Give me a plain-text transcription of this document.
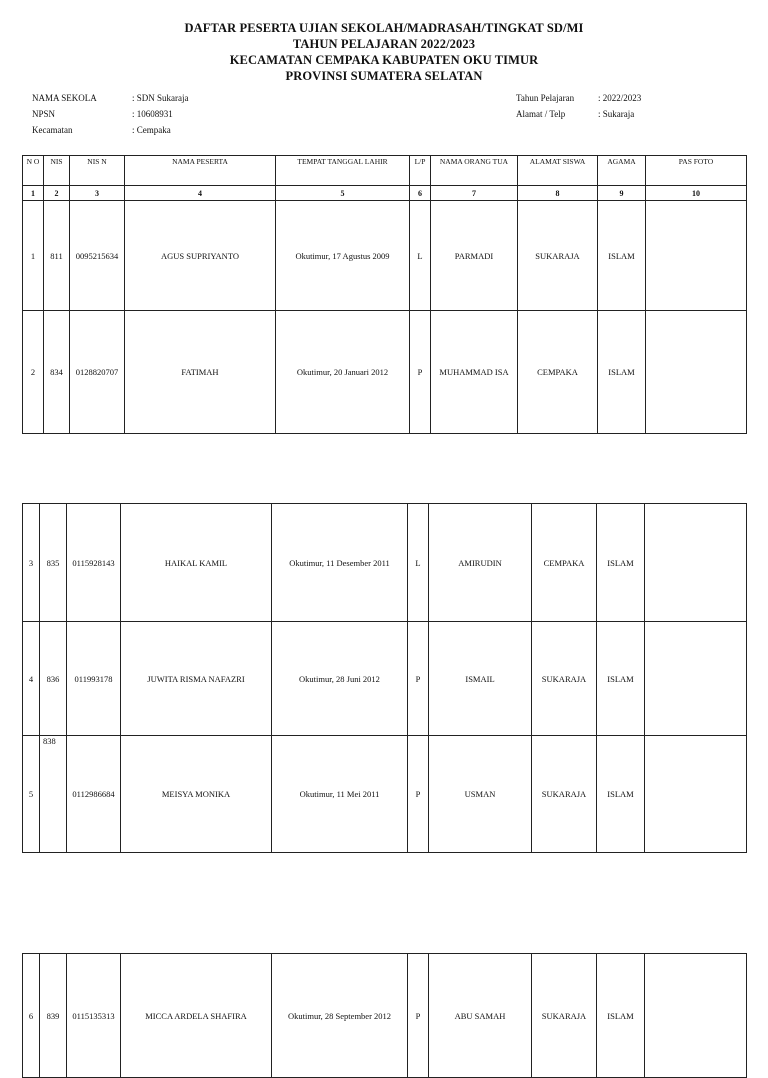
DAFTAR PESERTA UJIAN SEKOLAH/MADRASAH/TINGKAT SD/MI
TAHUN PELAJARAN 2022/2023
KECAMATAN CEMPAKA KABUPATEN OKU TIMUR
PROVINSI SUMATERA SELATAN
NAMA SEKOLA	: SDN Sukaraja
NPSN	: 10608931
Kecamatan	: Cempaka
Tahun Pelajaran	: 2022/2023
Alamat / Telp	: Sukaraja
N O	NIS	NIS N	NAMA PESERTA	TEMPAT TANGGAL LAHIR	L/P	NAMA ORANG TUA	ALAMAT SISWA	AGAMA	PAS FOTO
1	2	3	4	5	6	7	8	9	10
1	811	0095215634	AGUS SUPRIYANTO	Okutimur, 17 Agustus 2009	L	PARMADI	SUKARAJA	ISLAM	
2	834	0128820707	FATIMAH	Okutimur, 20 Januari 2012	P	MUHAMMAD ISA	CEMPAKA	ISLAM	
3	835	0115928143	HAIKAL KAMIL	Okutimur, 11 Desember 2011	L	AMIRUDIN	CEMPAKA	ISLAM	
4	836	011993178	JUWITA RISMA NAFAZRI	Okutimur, 28 Juni 2012	P	ISMAIL	SUKARAJA	ISLAM	
5	838	0112986684	MEISYA MONIKA	Okutimur, 11 Mei 2011	P	USMAN	SUKARAJA	ISLAM	
6	839	0115135313	MICCA ARDELA SHAFIRA	Okutimur, 28 September 2012	P	ABU SAMAH	SUKARAJA	ISLAM	
